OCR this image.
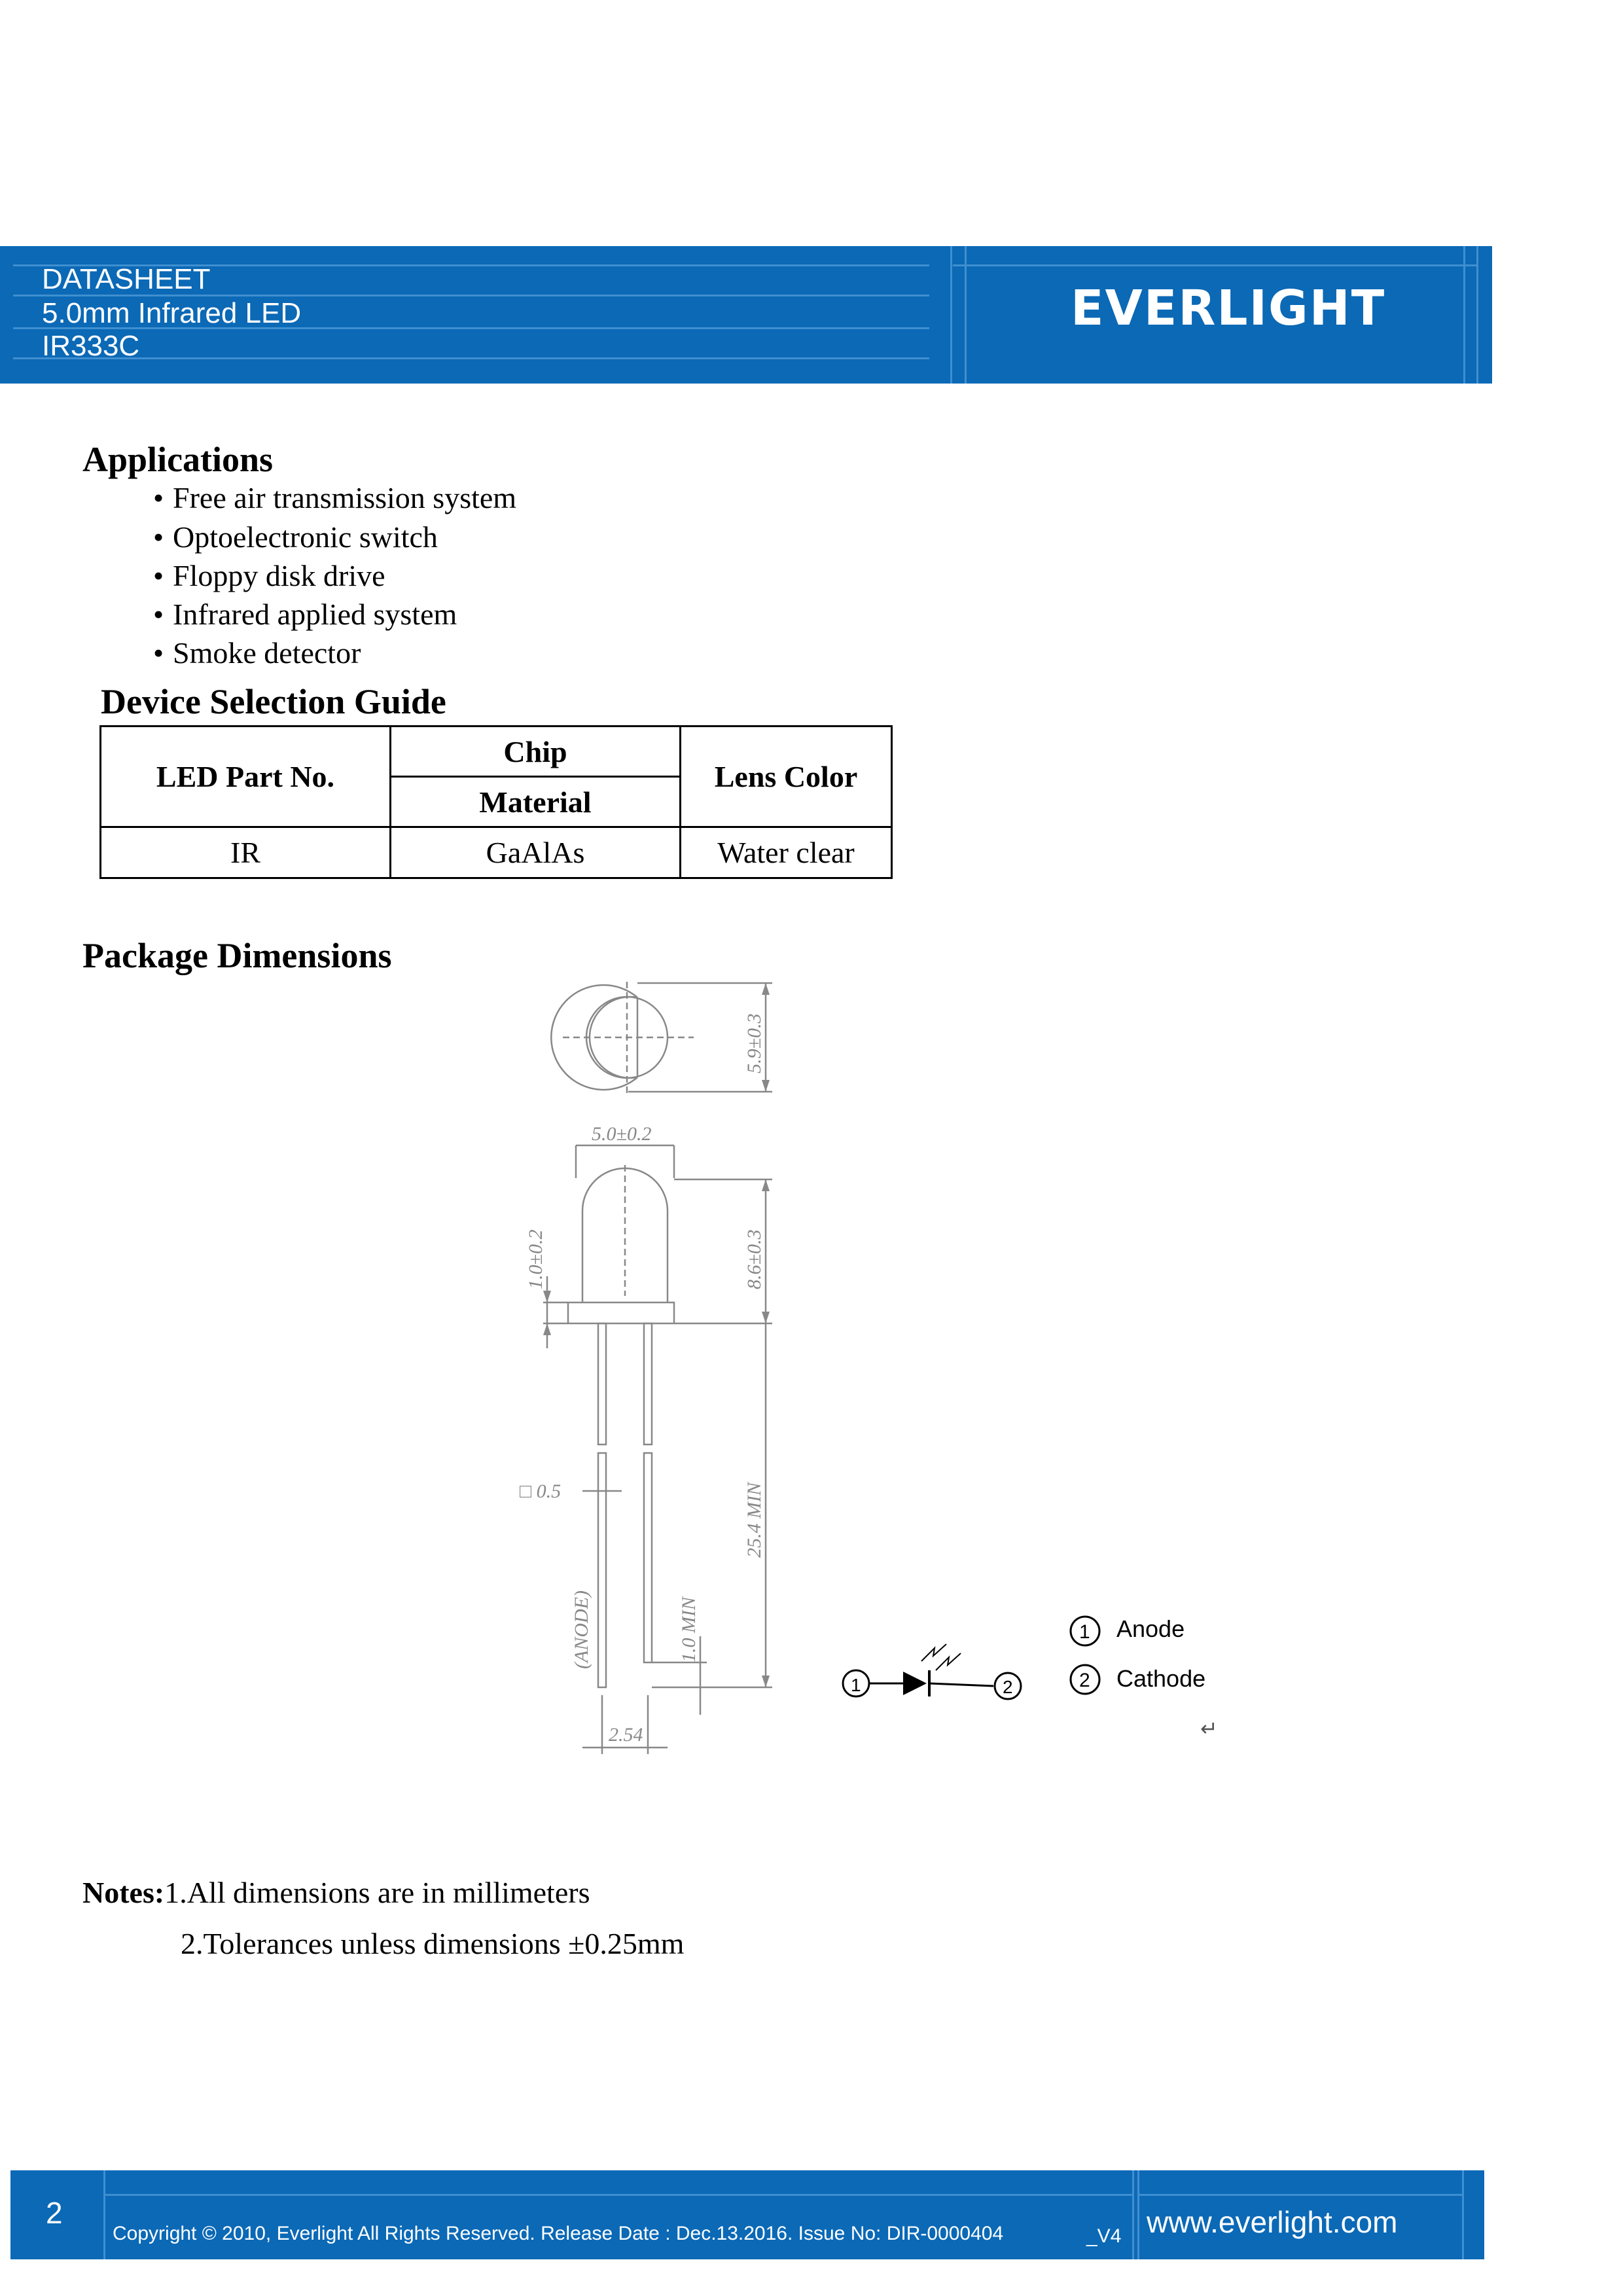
DATASHEET
5.0mm Infrared LED
IR333C
EVERLIGHT
Applications
• Free air transmission system
• Optoelectronic switch
• Floppy disk drive
• Infrared applied system
• Smoke detector
Device Selection Guide
LED Part No.	Chip	Lens Color
	Material	
IR	GaAlAs	Water clear
Package Dimensions
5.9±0.3
5.0±0.2
8.6±0.3
1.0±0.2
□ 0.5	25.4 MIN
(ANODE)	1.0 MIN
2.54
1	2
1
2
Anode
Cathode
↵
Notes:1.All dimensions are in millimeters
2.Tolerances unless dimensions ±0.25mm
2
Copyright © 2010, Everlight All Rights Reserved. Release Date : Dec.13.2016. Issue No: DIR-0000404	_V4 www.everlight.com
